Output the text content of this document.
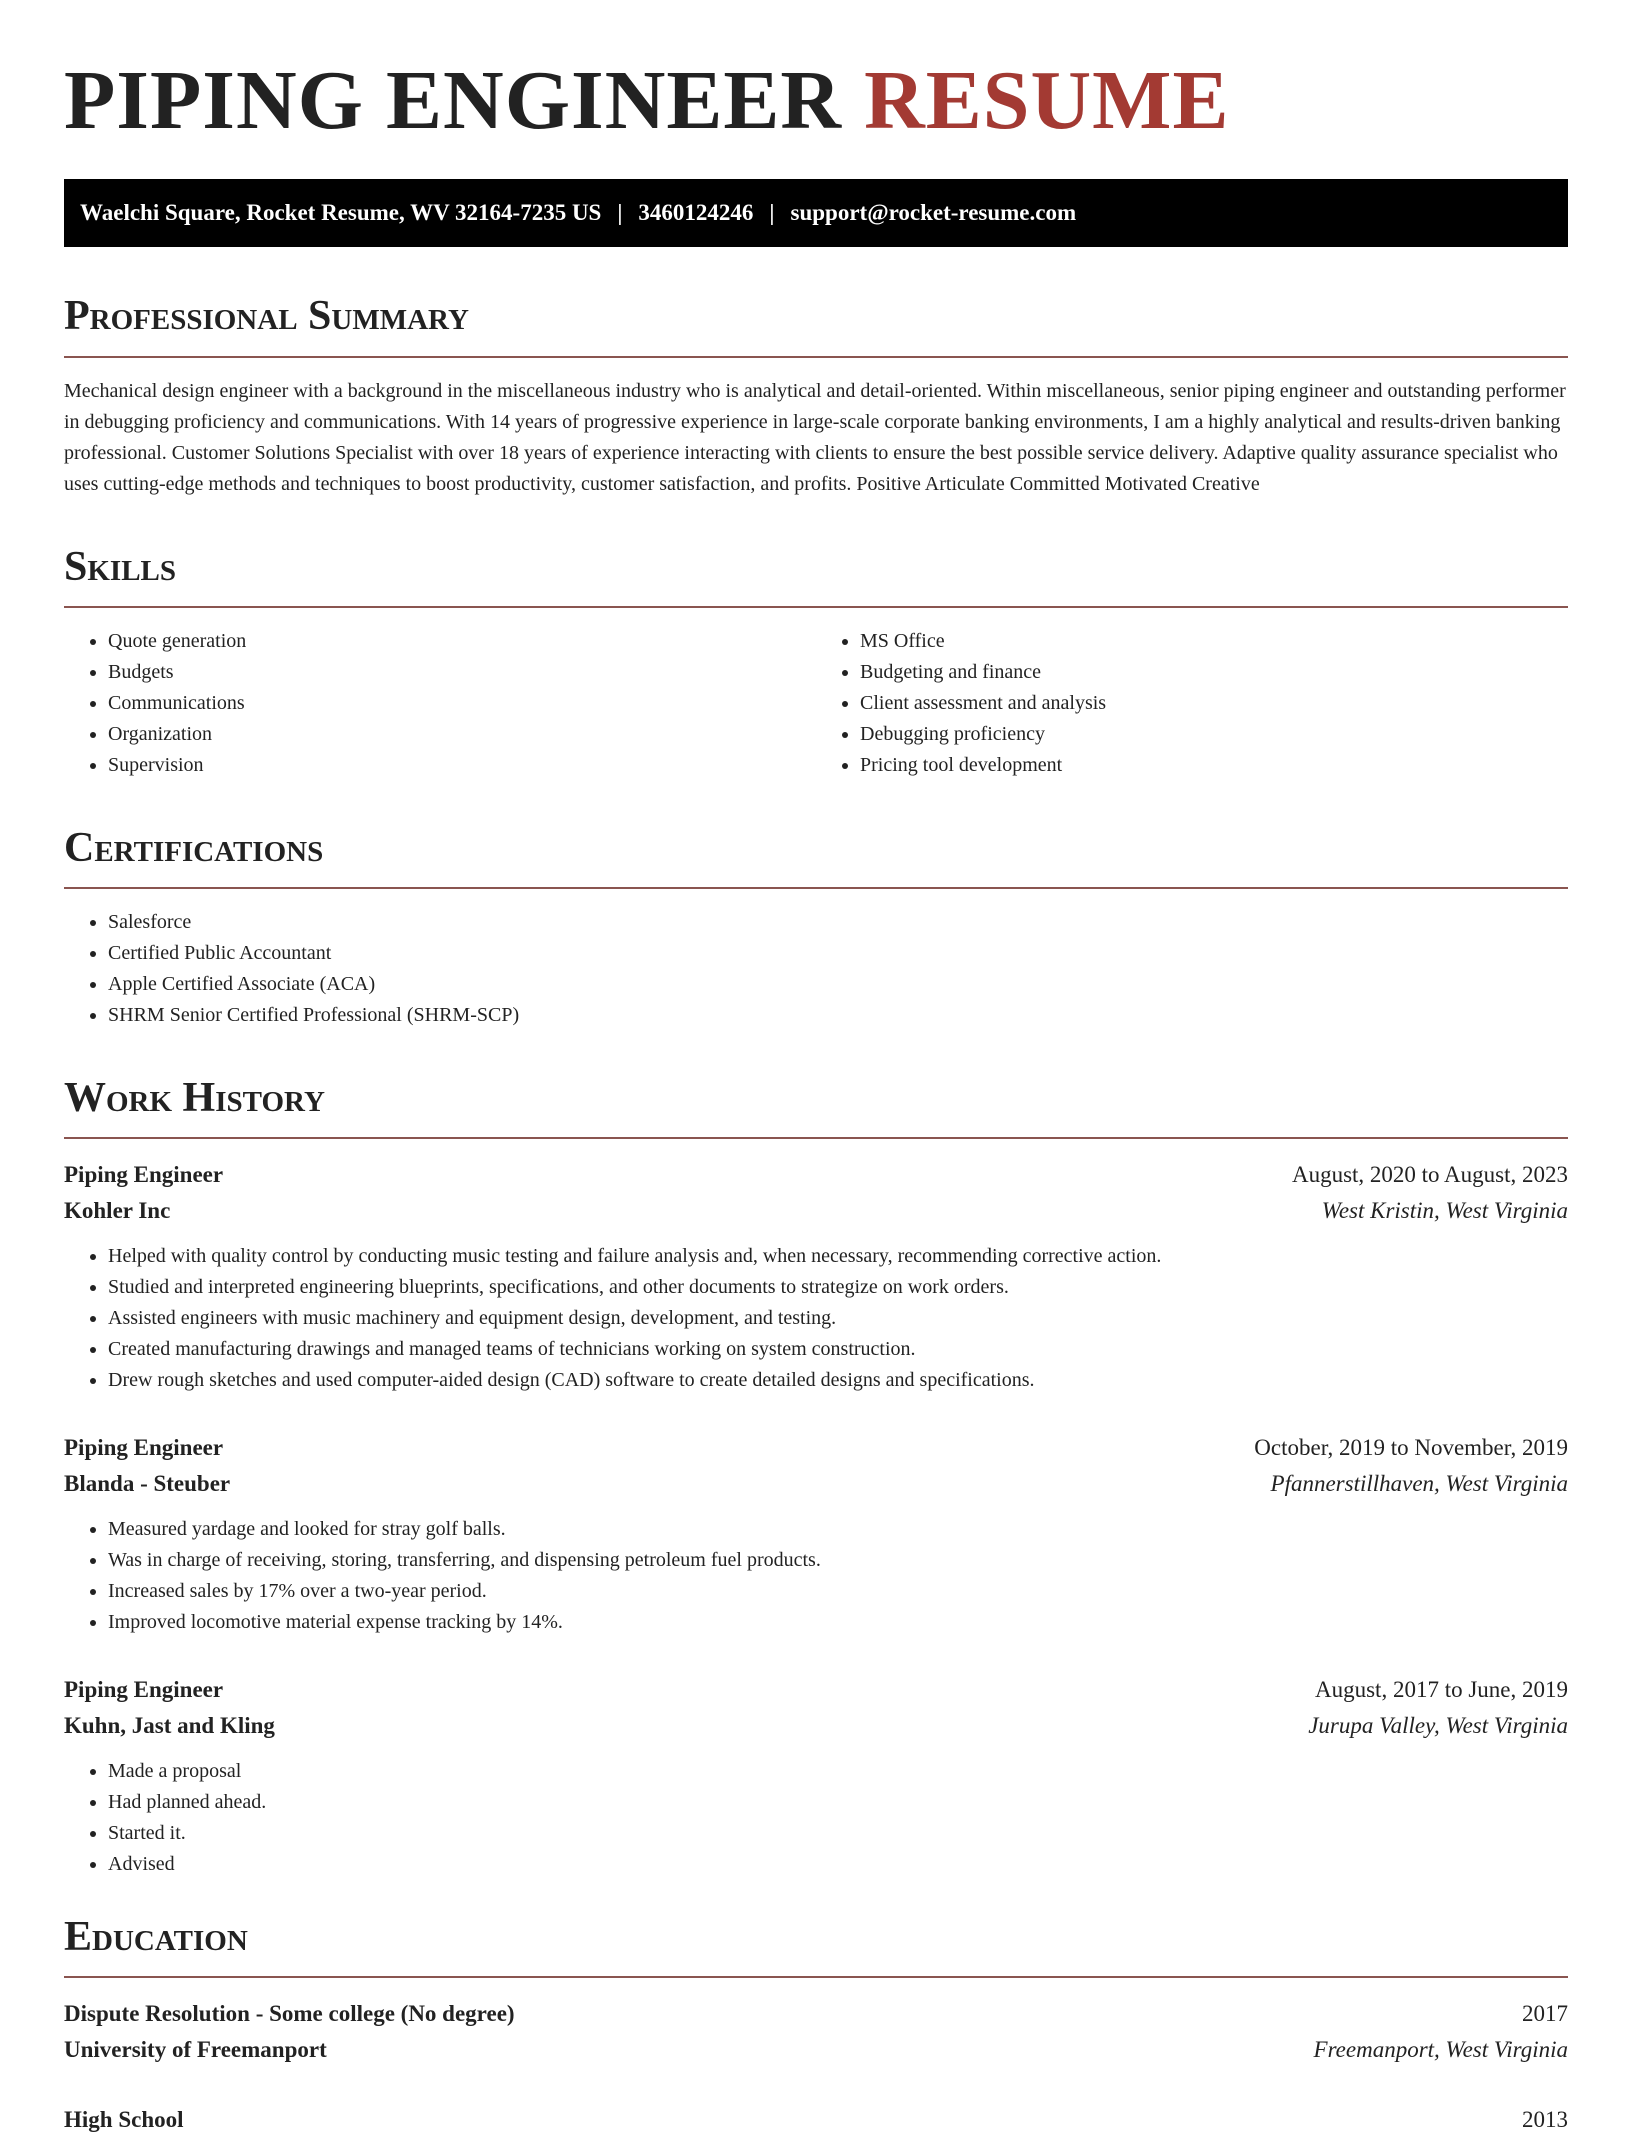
PIPING ENGINEER RESUME
Waelchi Square, Rocket Resume, WV 32164-7235 US | 3460124246 | support@rocket-resume.com
Professional Summary

Mechanical design engineer with a background in the miscellaneous industry who is analytical and detail-oriented. Within miscellaneous, senior piping engineer and outstanding performer in debugging proficiency and communications. With 14 years of progressive experience in large-scale corporate banking environments, I am a highly analytical and results-driven banking professional. Customer Solutions Specialist with over 18 years of experience interacting with clients to ensure the best possible service delivery. Adaptive quality assurance specialist who uses cutting-edge methods and techniques to boost productivity, customer satisfaction, and profits. Positive Articulate Committed Motivated Creative

Skills
• Quote generation
• Budgets
• Communications
• Organization
• Supervision
• MS Office
• Budgeting and finance
• Client assessment and analysis
• Debugging proficiency
• Pricing tool development
Certifications
• Salesforce
• Certified Public Accountant
• Apple Certified Associate (ACA)
• SHRM Senior Certified Professional (SHRM-SCP)
Work History
Piping Engineer	August, 2020 to August, 2023
Kohler Inc	West Kristin, West Virginia
• Helped with quality control by conducting music testing and failure analysis and, when necessary, recommending corrective action.
• Studied and interpreted engineering blueprints, specifications, and other documents to strategize on work orders.
• Assisted engineers with music machinery and equipment design, development, and testing.
• Created manufacturing drawings and managed teams of technicians working on system construction.
• Drew rough sketches and used computer-aided design (CAD) software to create detailed designs and specifications.
Piping Engineer	October, 2019 to November, 2019
Blanda - Steuber	Pfannerstillhaven, West Virginia
• Measured yardage and looked for stray golf balls.
• Was in charge of receiving, storing, transferring, and dispensing petroleum fuel products.
• Increased sales by 17% over a two-year period.
• Improved locomotive material expense tracking by 14%.
Piping Engineer	August, 2017 to June, 2019
Kuhn, Jast and Kling	Jurupa Valley, West Virginia
• Made a proposal
• Had planned ahead.
• Started it.
• Advised
Education
Dispute Resolution - Some college (No degree)	2017
University of Freemanport	Freemanport, West Virginia
High School	2013
